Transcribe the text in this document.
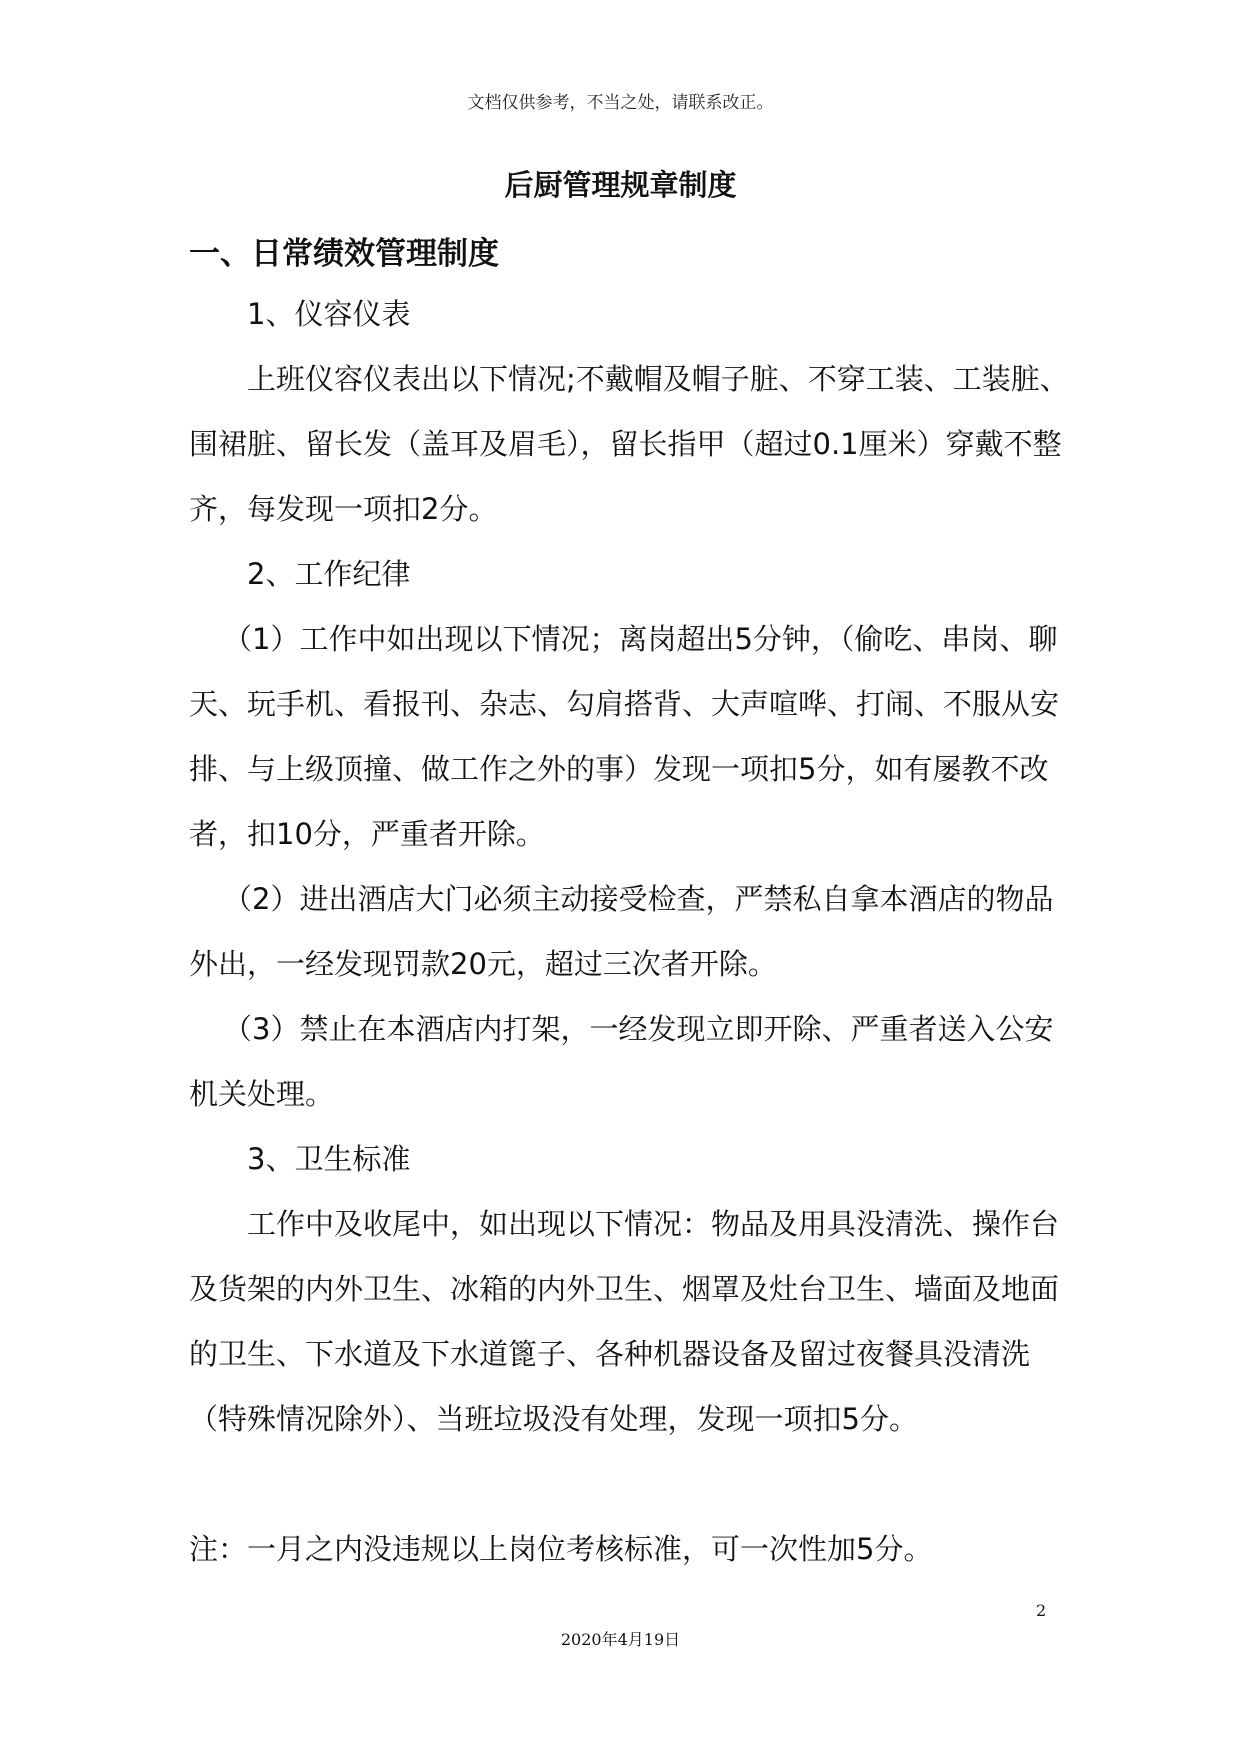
文档仅供参考，不当之处，请联系改正。
后厨管理规章制度
一、日常绩效管理制度

1、仪容仪表

上班仪容仪表出以下情况;不戴帽及帽子脏、不穿工装、工装脏、围裙脏、留长发（盖耳及眉毛），留长指甲（超过0.1厘米）穿戴不整齐，每发现一项扣2分。

2、工作纪律

（1）工作中如出现以下情况；离岗超出5分钟，（偷吃、串岗、聊天、玩手机、看报刊、杂志、勾肩搭背、大声喧哗、打闹、不服从安排、与上级顶撞、做工作之外的事）发现一项扣5分，如有屡教不改者，扣10分，严重者开除。

（2）进出酒店大门必须主动接受检查，严禁私自拿本酒店的物品外出，一经发现罚款20元，超过三次者开除。

（3）禁止在本酒店内打架，一经发现立即开除、严重者送入公安机关处理。

3、卫生标准

工作中及收尾中，如出现以下情况：物品及用具没清洗、操作台及货架的内外卫生、冰箱的内外卫生、烟罩及灶台卫生、墙面及地面的卫生、下水道及下水道篦子、各种机器设备及留过夜餐具没清洗（特殊情况除外）、当班垃圾没有处理，发现一项扣5分。

注：一月之内没违规以上岗位考核标准，可一次性加5分。

2
2020年4月19日
